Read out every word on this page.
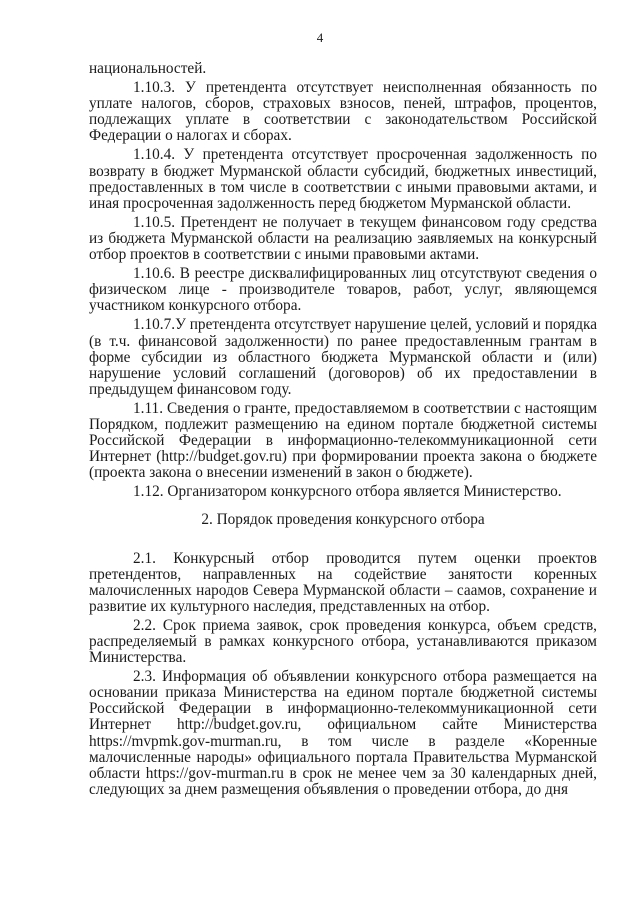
4

национальностей.

1.10.3. У претендента отсутствует неисполненная обязанность по уплате налогов, сборов, страховых взносов, пеней, штрафов, процентов, подлежащих уплате в соответствии с законодательством Российской Федерации о налогах и сборах.

1.10.4. У претендента отсутствует просроченная задолженность по возврату в бюджет Мурманской области субсидий, бюджетных инвестиций, предоставленных в том числе в соответствии с иными правовыми актами, и иная просроченная задолженность перед бюджетом Мурманской области.

1.10.5. Претендент не получает в текущем финансовом году средства из бюджета Мурманской области на реализацию заявляемых на конкурсный отбор проектов в соответствии с иными правовыми актами.

1.10.6. В реестре дисквалифицированных лиц отсутствуют сведения о физическом лице - производителе товаров, работ, услуг, являющемся участником конкурсного отбора.

1.10.7.У претендента отсутствует нарушение целей, условий и порядка (в т.ч. финансовой задолженности) по ранее предоставленным грантам в форме субсидии из областного бюджета Мурманской области и (или) нарушение условий соглашений (договоров) об их предоставлении в предыдущем финансовом году.

1.11. Сведения о гранте, предоставляемом в соответствии с настоящим Порядком, подлежит размещению на едином портале бюджетной системы Российской Федерации в информационно-телекоммуникационной сети Интернет (http://budget.gov.ru) при формировании проекта закона о бюджете (проекта закона о внесении изменений в закон о бюджете).

1.12. Организатором конкурсного отбора является Министерство.

2. Порядок проведения конкурсного отбора

2.1. Конкурсный отбор проводится путем оценки проектов претендентов, направленных на содействие занятости коренных малочисленных народов Севера Мурманской области – саамов, сохранение и развитие их культурного наследия, представленных на отбор.

2.2. Срок приема заявок, срок проведения конкурса, объем средств, распределяемый в рамках конкурсного отбора, устанавливаются приказом Министерства.

2.3. Информация об объявлении конкурсного отбора размещается на основании приказа Министерства на едином портале бюджетной системы Российской Федерации в информационно-телекоммуникационной сети Интернет http://budget.gov.ru, официальном сайте Министерства https://mvpmk.gov-murman.ru, в том числе в разделе «Коренные малочисленные народы» официального портала Правительства Мурманской области https://gov-murman.ru в срок не менее чем за 30 календарных дней, следующих за днем размещения объявления о проведении отбора, до дня
